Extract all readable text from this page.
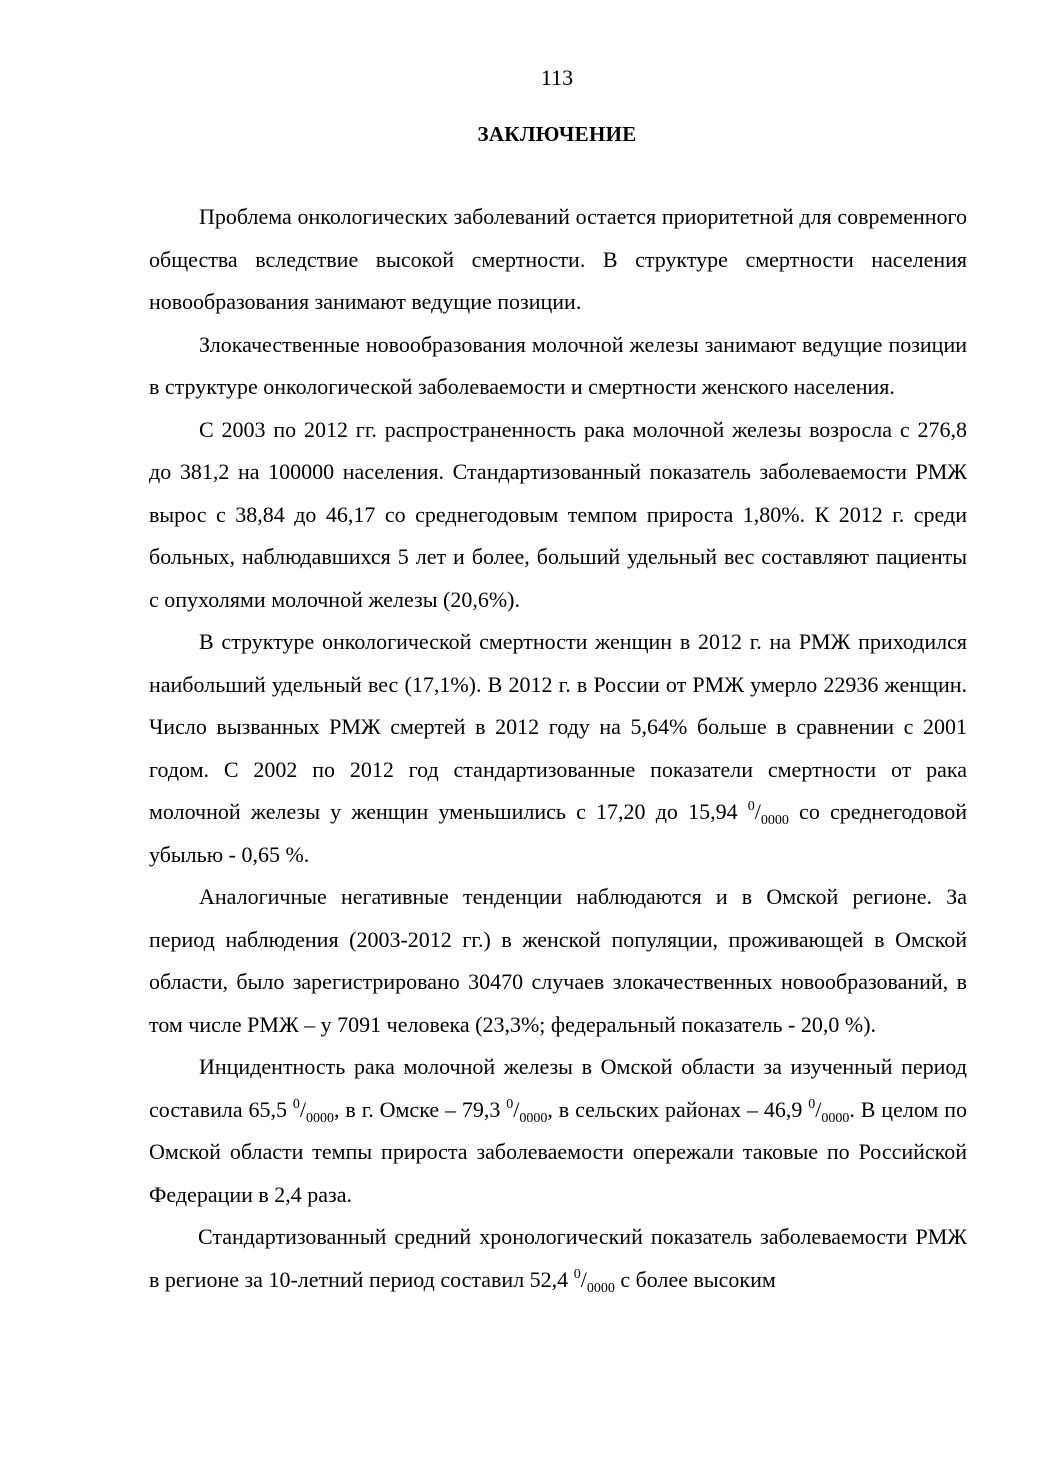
113
ЗАКЛЮЧЕНИЕ

Проблема онкологических заболеваний остается приоритетной для современного общества вследствие высокой смертности. В структуре смертности населения новообразования занимают ведущие позиции.

Злокачественные новообразования молочной железы занимают ведущие позиции в структуре онкологической заболеваемости и смертности женского населения.

С 2003 по 2012 гг. распространенность рака молочной железы возросла с 276,8 до 381,2 на 100000 населения. Стандартизованный показатель заболеваемости РМЖ вырос с 38,84 до 46,17 со среднегодовым темпом прироста 1,80%. К 2012 г. среди больных, наблюдавшихся 5 лет и более, больший удельный вес составляют пациенты с опухолями молочной железы (20,6%).

В структуре онкологической смертности женщин в 2012 г. на РМЖ приходился наибольший удельный вес (17,1%). В 2012 г. в России от РМЖ умерло 22936 женщин. Число вызванных РМЖ смертей в 2012 году на 5,64% больше в сравнении с 2001 годом. С 2002 по 2012 год стандартизованные показатели смертности от рака молочной железы у женщин уменьшились с 17,20 до 15,94 $^0/_{0000}$ со среднегодовой убылью - 0,65 %.

Аналогичные негативные тенденции наблюдаются и в Омской регионе. За период наблюдения (2003-2012 гг.) в женской популяции, проживающей в Омской области, было зарегистрировано 30470 случаев злокачественных новообразований, в том числе РМЖ – у 7091 человека (23,3%; федеральный показатель - 20,0 %).

Инцидентность рака молочной железы в Омской области за изученный период составила 65,5 $^0/_{0000}$, в г. Омске – 79,3 $^0/_{0000}$, в сельских районах – 46,9 $^0/_{0000}$. В целом по Омской области темпы прироста заболеваемости опережали таковые по Российской Федерации в 2,4 раза.

Стандартизованный средний хронологический показатель заболеваемости РМЖ в регионе за 10-летний период составил 52,4 $^0/_{0000}$ с более высоким
